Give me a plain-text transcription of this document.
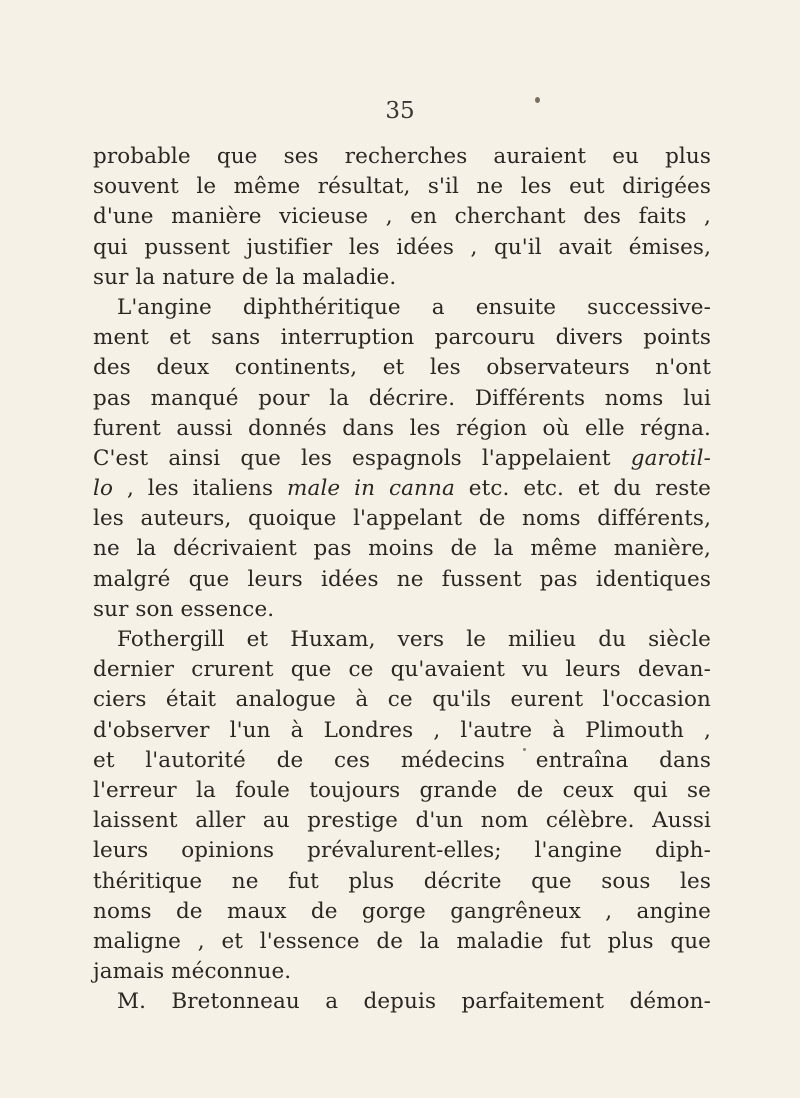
35
probable que ses recherches auraient eu plus
souvent le même résultat, s'il ne les eut dirigées
d'une manière vicieuse , en cherchant des faits ,
qui pussent justifier les idées , qu'il avait émises,
sur la nature de la maladie.
L'angine diphthéritique a ensuite successive-
ment et sans interruption parcouru divers points
des deux continents, et les observateurs n'ont
pas manqué pour la décrire. Différents noms lui
furent aussi donnés dans les région où elle régna.
C'est ainsi que les espagnols l'appelaient garotil-
lo , les italiens male in canna etc. etc. et du reste
les auteurs, quoique l'appelant de noms différents,
ne la décrivaient pas moins de la même manière,
malgré que leurs idées ne fussent pas identiques
sur son essence.
Fothergill et Huxam, vers le milieu du siècle
dernier crurent que ce qu'avaient vu leurs devan-
ciers était analogue à ce qu'ils eurent l'occasion
d'observer l'un à Londres , l'autre à Plimouth ,
et l'autorité de ces médecins entraîna dans
l'erreur la foule toujours grande de ceux qui se
laissent aller au prestige d'un nom célèbre. Aussi
leurs opinions prévalurent-elles; l'angine diph-
théritique ne fut plus décrite que sous les
noms de maux de gorge gangrêneux , angine
maligne , et l'essence de la maladie fut plus que
jamais méconnue.
M. Bretonneau a depuis parfaitement démon-
